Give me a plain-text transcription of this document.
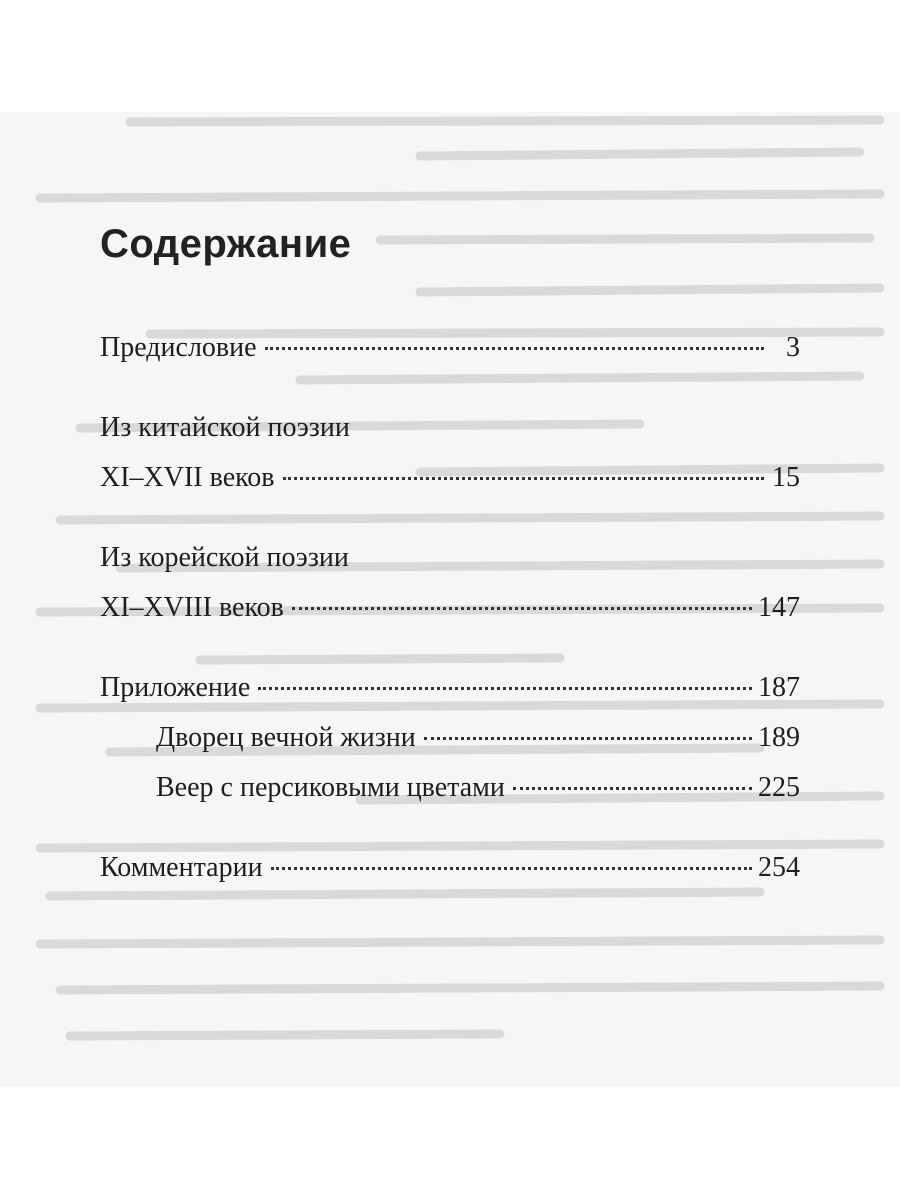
Содержание
Предисловие	3
Из китайской поэзии
XI–XVII веков	15
Из корейской поэзии
XI–XVIII веков	147
Приложение	187
Дворец вечной жизни	189
Веер с персиковыми цветами	225
Комментарии	254
